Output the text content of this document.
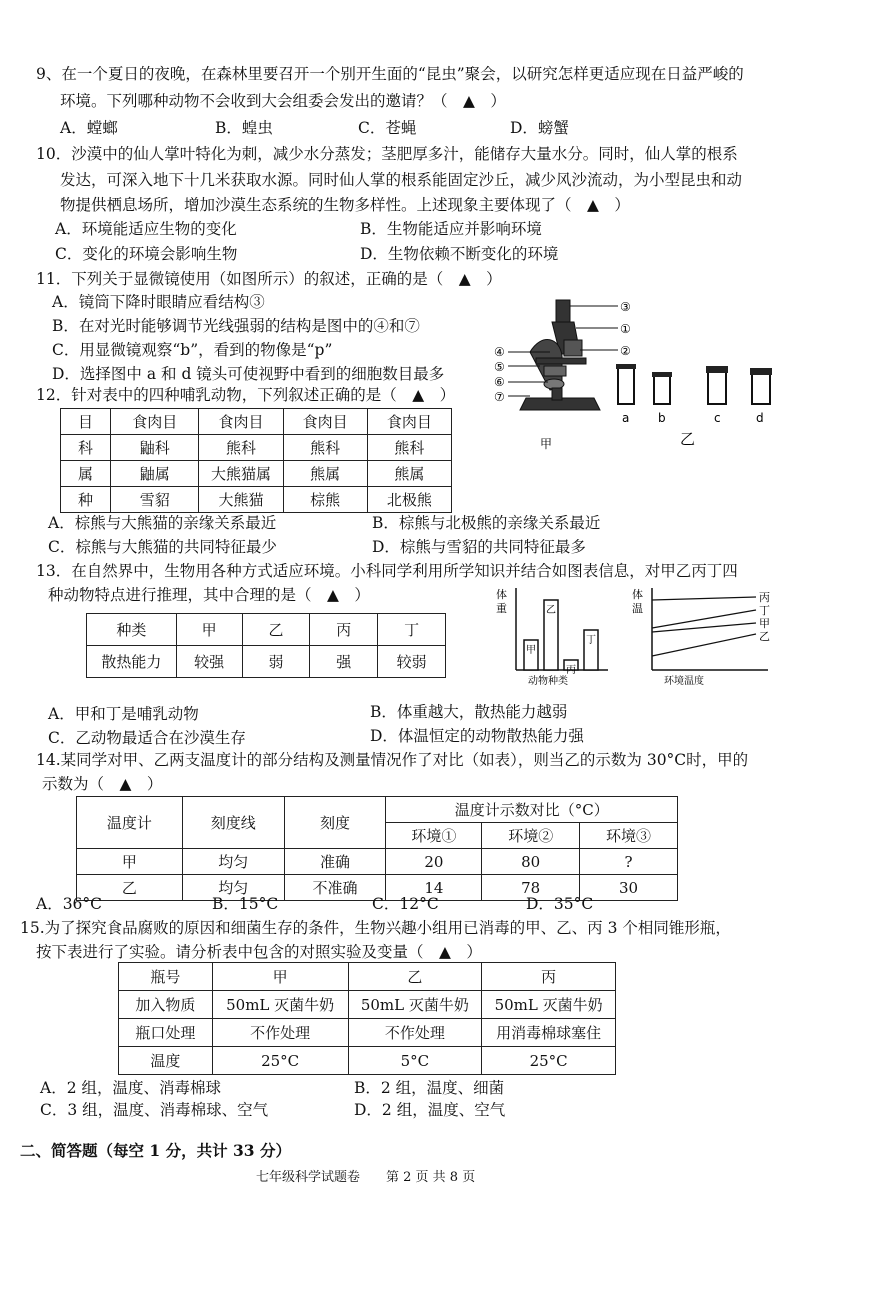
9、在一个夏日的夜晚，在森林里要召开一个别开生面的“昆虫”聚会，以研究怎样更适应现在日益严峻的
环境。下列哪种动物不会收到大会组委会发出的邀请？（　▲　）
A．螳螂	B．蝗虫	C．苍蝇	D．螃蟹
10．沙漠中的仙人掌叶特化为刺，减少水分蒸发；茎肥厚多汁，能储存大量水分。同时，仙人掌的根系
发达，可深入地下十几米获取水源。同时仙人掌的根系能固定沙丘，减少风沙流动，为小型昆虫和动
物提供栖息场所，增加沙漠生态系统的生物多样性。上述现象主要体现了（　▲　）
A．环境能适应生物的变化	B．生物能适应并影响环境
C．变化的环境会影响生物	D．生物依赖不断变化的环境
11．下列关于显微镜使用（如图所示）的叙述，正确的是（　▲　）
A．镜筒下降时眼睛应看结构③
B．在对光时能够调节光线强弱的结构是图中的④和⑦
C．用显微镜观察“b”，看到的物像是“p”
D．选择图中 a 和 d 镜头可使视野中看到的细胞数目最多
③
①
②
④
⑤
⑥
⑦
甲
a b	c	d
乙
12．针对表中的四种哺乳动物，下列叙述正确的是（　▲　）
目	食肉目	食肉目	食肉目	食肉目
科	鼬科	熊科	熊科	熊科
属	鼬属	大熊猫属	熊属	熊属
种	雪貂	大熊猫	棕熊	北极熊
A．棕熊与大熊猫的亲缘关系最近	B．棕熊与北极熊的亲缘关系最近
C．棕熊与大熊猫的共同特征最少	D．棕熊与雪貂的共同特征最多
13．在自然界中，生物用各种方式适应环境。小科同学利用所学知识并结合如图表信息，对甲乙丙丁四
种动物特点进行推理，其中合理的是（　▲　）
种类	甲	乙	丙	丁
散热能力	较强	弱	强	较弱
体
重
动物种类
甲
乙
丙
丁
体
温
环境温度
丙
丁
甲
乙
A．甲和丁是哺乳动物	B．体重越大，散热能力越弱
C．乙动物最适合在沙漠生存	D．体温恒定的动物散热能力强
14.某同学对甲、乙两支温度计的部分结构及测量情况作了对比（如表），则当乙的示数为 30°C时，甲的
示数为（　▲　）
温度计	刻度线	刻度	温度计示数对比（°C）		
			环境①	环境②	环境③
甲	均匀	准确	20	80	?
乙	均匀	不准确	14	78	30
A．36°C	B．15°C	C．12°C	D．35°C
15.为了探究食品腐败的原因和细菌生存的条件，生物兴趣小组用已消毒的甲、乙、丙 3 个相同锥形瓶，
按下表进行了实验。请分析表中包含的对照实验及变量（　▲　）
瓶号	甲	乙	丙
加入物质	50mL 灭菌牛奶	50mL 灭菌牛奶	50mL 灭菌牛奶
瓶口处理	不作处理	不作处理	用消毒棉球塞住
温度	25°C	5°C	25°C
A．2 组，温度、消毒棉球	B．2 组，温度、细菌
C．3 组，温度、消毒棉球、空气	D．2 组，温度、空气
二、简答题（每空 1 分，共计 33 分）
七年级科学试题卷　　第 2 页 共 8 页
